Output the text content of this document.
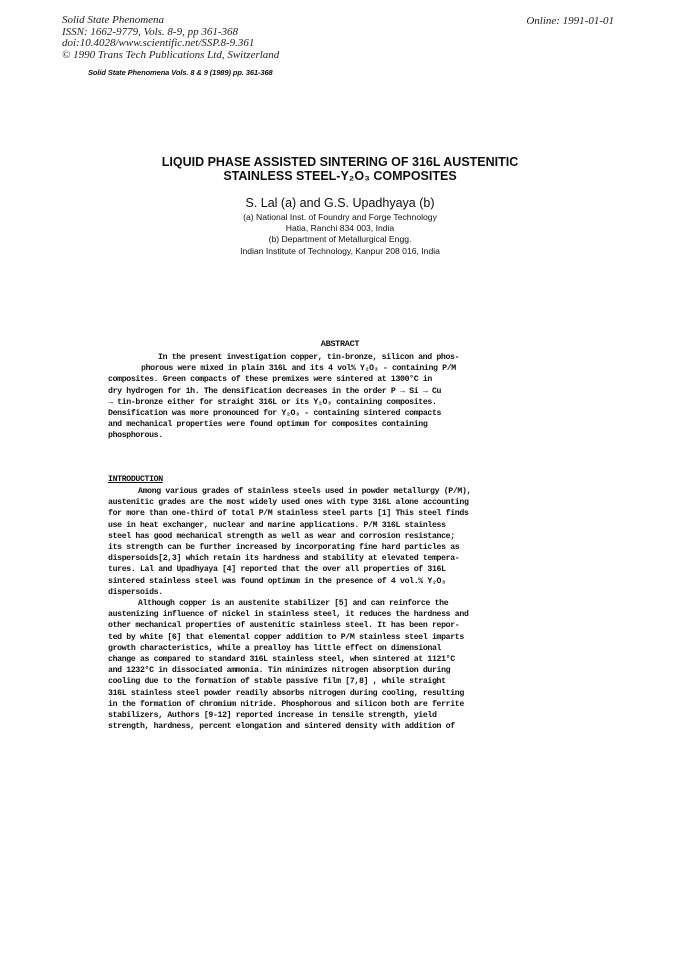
Solid State Phenomena
ISSN: 1662-9779, Vols. 8-9, pp 361-368
doi:10.4028/www.scientific.net/SSP.8-9.361
© 1990 Trans Tech Publications Ltd, Switzerland
Online: 1991-01-01
Solid State Phenomena Vols. 8 & 9 (1989) pp. 361-368
LIQUID PHASE ASSISTED SINTERING OF 316L AUSTENITIC
STAINLESS STEEL-Y₂O₃ COMPOSITES
S. Lal (a) and G.S. Upadhyaya (b)
(a) National Inst. of Foundry and Forge Technology
Hatia, Ranchi 834 003, India
(b) Department of Metallurgical Engg.
Indian Institute of Technology, Kanpur 208 016, India
ABSTRACT
In the present investigation copper, tin-bronze, silicon and phos-
phorous were mixed in plain 316L and its 4 vol% Y₂O₃ - containing P/M
composites. Green compacts of these premixes were sintered at 1300°C in
dry hydrogen for 1h. The densification decreases in the order P → Si → Cu
→ tin-bronze either for straight 316L or its Y₂O₃ containing composites.
Densification was more pronounced for Y₂O₃ - containing sintered compacts
and mechanical properties were found optimum for composites containing
phosphorous.
INTRODUCTION
Among various grades of stainless steels used in powder metallurgy (P/M),
austenitic grades are the most widely used ones with type 316L alone accounting
for more than one-third of total P/M stainless steel parts [1] This steel finds
use in heat exchanger, nuclear and marine applications. P/M 316L stainless
steel has good mechanical strength as well as wear and corrosion resistance;
its strength can be further increased by incorporating fine hard particles as
dispersoids[2,3] which retain its hardness and stability at elevated tempera-
tures. Lal and Upadhyaya [4] reported that the over all properties of 316L
sintered stainless steel was found optimum in the presence of 4 vol.% Y₂O₃
dispersoids.
Although copper is an austenite stabilizer [5] and can reinforce the
austenizing influence of nickel in stainless steel, it reduces the hardness and
other mechanical properties of austenitic stainless steel. It has been repor-
ted by white [6] that elemental copper addition to P/M stainless steel imparts
growth characteristics, while a prealloy has little effect on dimensional
change as compared to standard 316L stainless steel, when sintered at 1121°C
and 1232°C in dissociated ammonia. Tin minimizes nitrogen absorption during
cooling due to the formation of stable passive film [7,8] , while straight
316L stainless steel powder readily absorbs nitrogen during cooling, resulting
in the formation of chromium nitride. Phosphorous and silicon both are ferrite
stabilizers, Authors [9-12] reported increase in tensile strength, yield
strength, hardness, percent elongation and sintered density with addition of
